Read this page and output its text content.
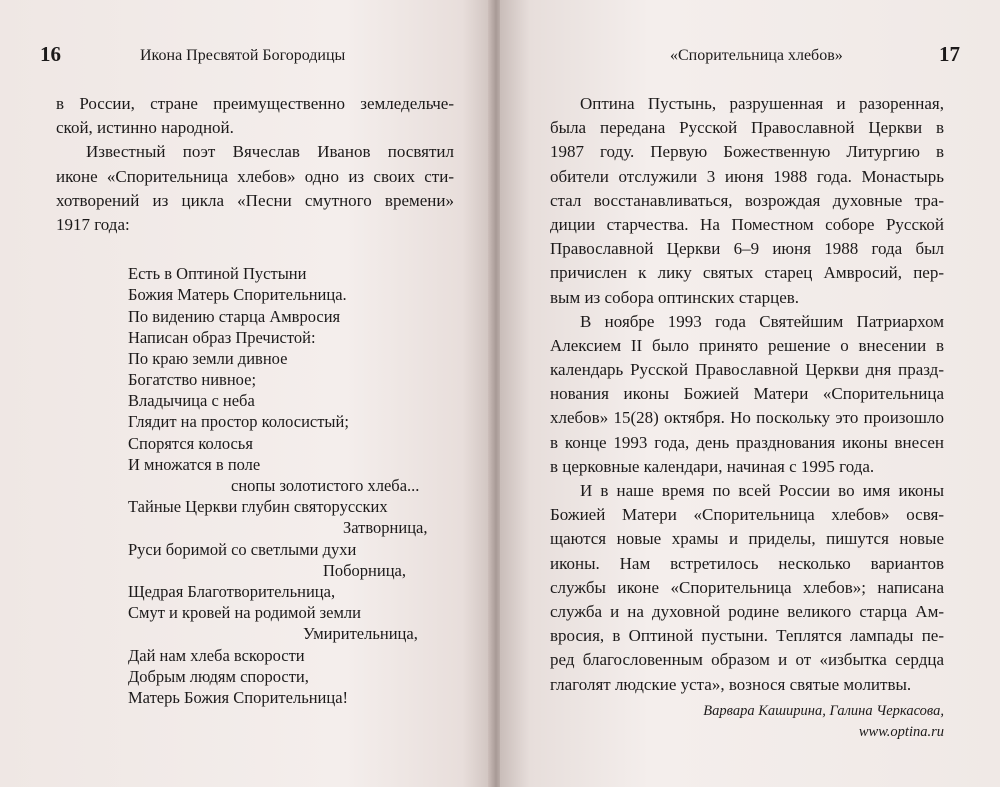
16	Икона Пресвятой Богородицы
в России, стране преимущественно земледельче-
ской, истинно народной.
Известный поэт Вячеслав Иванов посвятил
иконе «Спорительница хлебов» одно из своих сти-
хотворений из цикла «Песни смутного времени»
1917 года:
Есть в Оптиной Пустыни
Божия Матерь Спорительница.
По видению старца Амвросия
Написан образ Пречистой:
По краю земли дивное
Богатство нивное;
Владычица с неба
Глядит на простор колосистый;
Спорятся колосья
И множатся в поле
снопы золотистого хлеба...
Тайные Церкви глубин святорусских
Затворница,
Руси боримой со светлыми духи
Поборница,
Щедрая Благотворительница,
Смут и кровей на родимой земли
Умирительница,
Дай нам хлеба вскорости
Добрым людям спорости,
Матерь Божия Спорительница!
«Спорительница хлебов»	17
Оптина Пустынь, разрушенная и разоренная,
была передана Русской Православной Церкви в
1987 году. Первую Божественную Литургию в
обители отслужили 3 июня 1988 года. Монастырь
стал восстанавливаться, возрождая духовные тра-
диции старчества. На Поместном соборе Русской
Православной Церкви 6–9 июня 1988 года был
причислен к лику святых старец Амвросий, пер-
вым из собора оптинских старцев.
В ноябре 1993 года Святейшим Патриархом
Алексием II было принято решение о внесении в
календарь Русской Православной Церкви дня празд-
нования иконы Божией Матери «Спорительница
хлебов» 15(28) октября. Но поскольку это произошло
в конце 1993 года, день празднования иконы внесен
в церковные календари, начиная с 1995 года.
И в наше время по всей России во имя иконы
Божией Матери «Спорительница хлебов» освя-
щаются новые храмы и приделы, пишутся новые
иконы. Нам встретилось несколько вариантов
службы иконе «Спорительница хлебов»; написана
служба и на духовной родине великого старца Ам-
вросия, в Оптиной пустыни. Теплятся лампады пе-
ред благословенным образом и от «избытка сердца
глаголят людские уста», вознося святые молитвы.
Варвара Каширина, Галина Черкасова,
www.optina.ru
